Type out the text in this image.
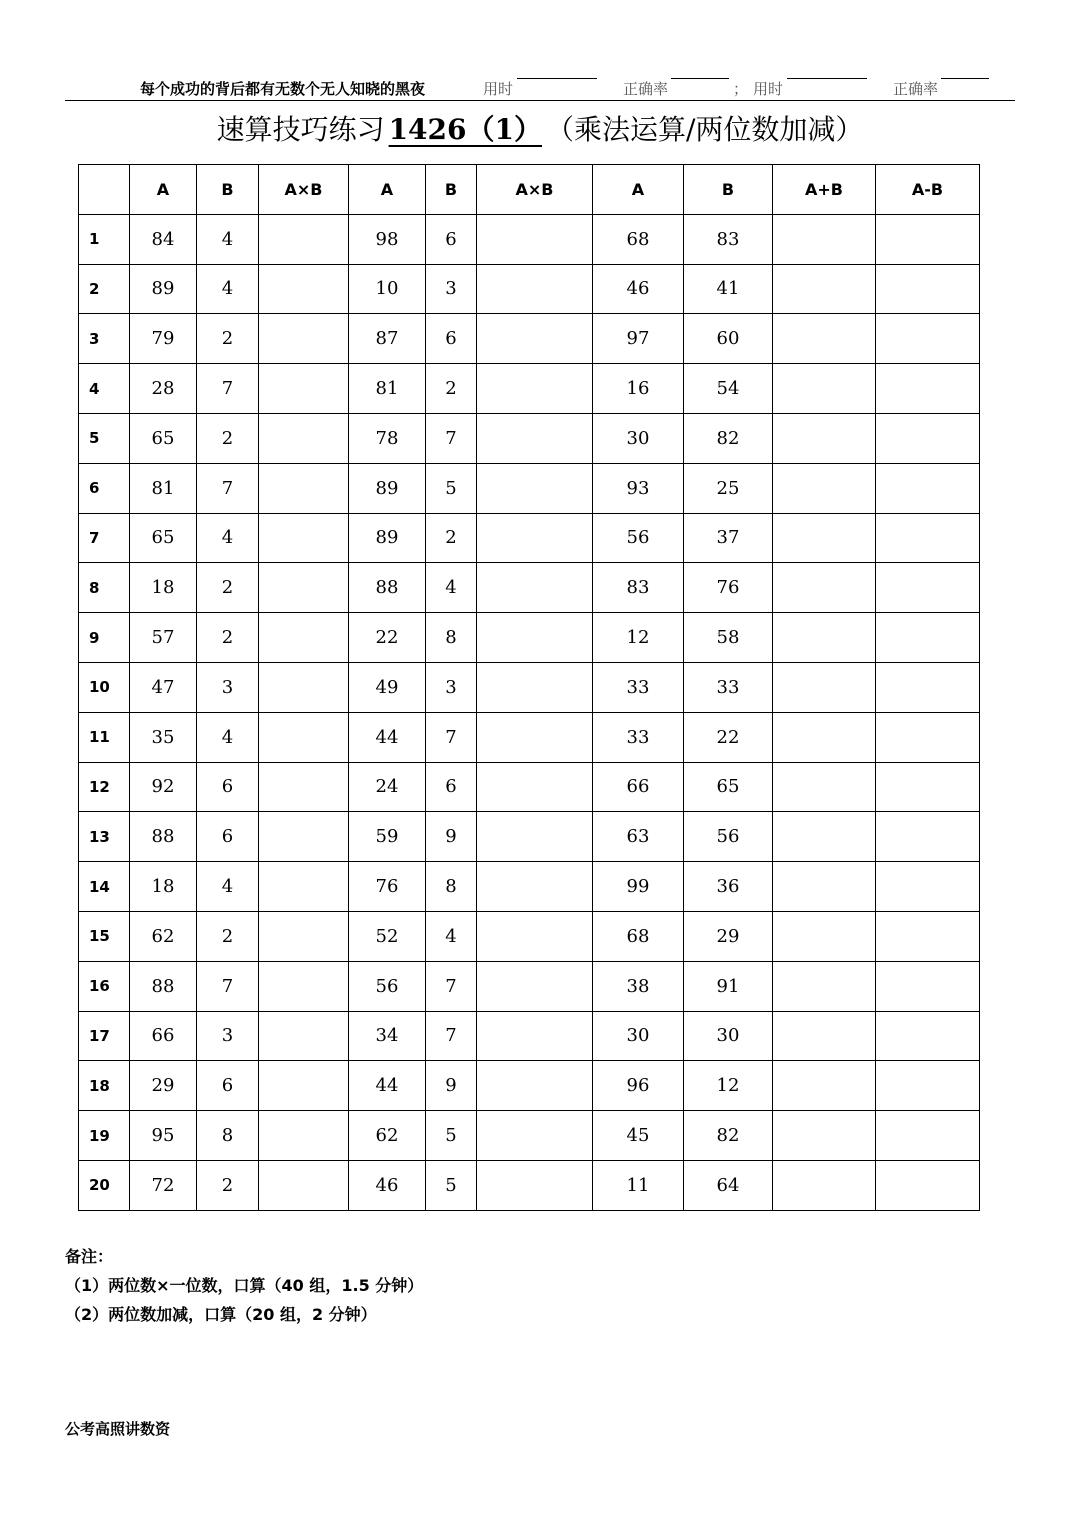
每个成功的背后都有无数个无人知晓的黑夜	用时	正确率	； 用时	正确率
速算技巧练习 1426（1） （乘法运算/两位数加减）
	A	B	A×B	A	B	A×B	A	B	A+B	A-B
1	84	4		98	6		68	83		
2	89	4		10	3		46	41		
3	79	2		87	6		97	60		
4	28	7		81	2		16	54		
5	65	2		78	7		30	82		
6	81	7		89	5		93	25		
7	65	4		89	2		56	37		
8	18	2		88	4		83	76		
9	57	2		22	8		12	58		
10	47	3		49	3		33	33		
11	35	4		44	7		33	22		
12	92	6		24	6		66	65		
13	88	6		59	9		63	56		
14	18	4		76	8		99	36		
15	62	2		52	4		68	29		
16	88	7		56	7		38	91		
17	66	3		34	7		30	30		
18	29	6		44	9		96	12		
19	95	8		62	5		45	82		
20	72	2		46	5		11	64		
备注：
（1）两位数×一位数，口算（40 组，1.5 分钟）
（2）两位数加减，口算（20 组，2 分钟）
公考高照讲数资
